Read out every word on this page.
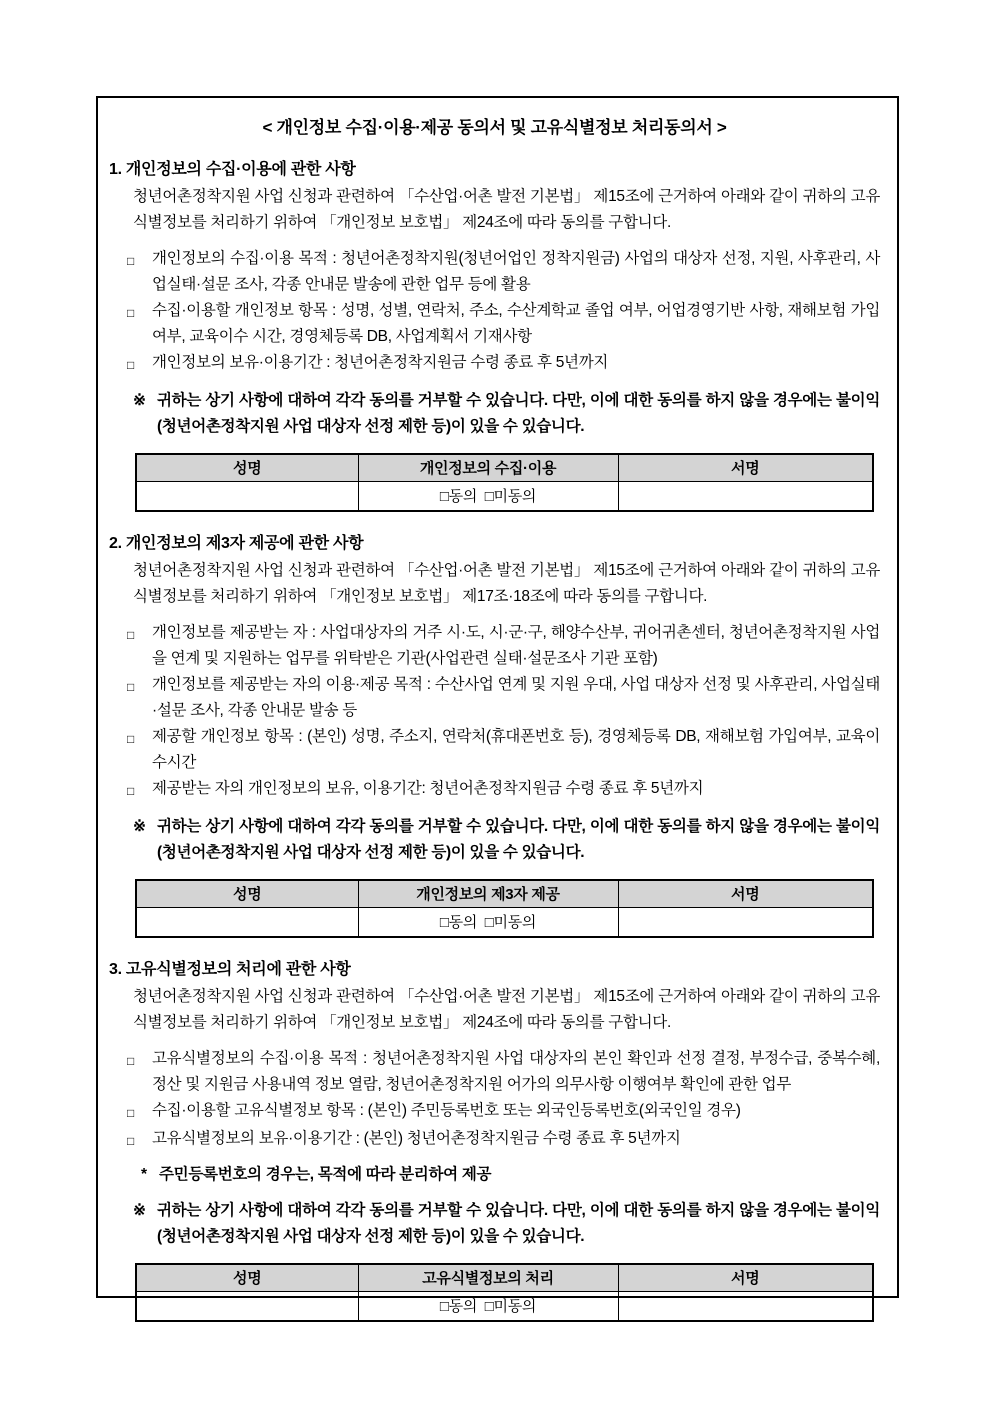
< 개인정보 수집·이용·제공 동의서 및 고유식별정보 처리동의서 >
1. 개인정보의 수집·이용에 관한 사항

청년어촌정착지원 사업 신청과 관련하여 「수산업·어촌 발전 기본법」 제15조에 근거하여 아래와 같이 귀하의 고유식별정보를 처리하기 위하여 「개인정보 보호법」 제24조에 따라 동의를 구합니다.

□	개인정보의 수집·이용 목적 : 청년어촌정착지원(청년어업인 정착지원금) 사업의 대상자 선정, 지원, 사후관리, 사업실태·설문 조사, 각종 안내문 발송에 관한 업무 등에 활용
□	수집·이용할 개인정보 항목 : 성명, 성별, 연락처, 주소, 수산계학교 졸업 여부, 어업경영기반 사항, 재해보험 가입여부, 교육이수 시간, 경영체등록 DB, 사업계획서 기재사항
□	개인정보의 보유·이용기간 : 청년어촌정착지원금 수령 종료 후 5년까지
※ 귀하는 상기 사항에 대하여 각각 동의를 거부할 수 있습니다. 다만, 이에 대한 동의를 하지 않을 경우에는 불이익(청년어촌정착지원 사업 대상자 선정 제한 등)이 있을 수 있습니다.
성명	개인정보의 수집·이용	서명
	□동의  □미동의	
2. 개인정보의 제3자 제공에 관한 사항

청년어촌정착지원 사업 신청과 관련하여 「수산업·어촌 발전 기본법」 제15조에 근거하여 아래와 같이 귀하의 고유식별정보를 처리하기 위하여 「개인정보 보호법」 제17조·18조에 따라 동의를 구합니다.

□	개인정보를 제공받는 자 : 사업대상자의 거주 시·도, 시·군·구, 해양수산부, 귀어귀촌센터, 청년어촌정착지원 사업을 연계 및 지원하는 업무를 위탁받은 기관(사업관련 실태·설문조사 기관 포함)
□	개인정보를 제공받는 자의 이용·제공 목적 : 수산사업 연계 및 지원 우대, 사업 대상자 선정 및 사후관리, 사업실태·설문 조사, 각종 안내문 발송 등
□	제공할 개인정보 항목 : (본인) 성명, 주소지, 연락처(휴대폰번호 등), 경영체등록 DB, 재해보험 가입여부, 교육이수시간
□	제공받는 자의 개인정보의 보유, 이용기간: 청년어촌정착지원금 수령 종료 후 5년까지
※ 귀하는 상기 사항에 대하여 각각 동의를 거부할 수 있습니다. 다만, 이에 대한 동의를 하지 않을 경우에는 불이익(청년어촌정착지원 사업 대상자 선정 제한 등)이 있을 수 있습니다.
성명	개인정보의 제3자 제공	서명
	□동의  □미동의	
3. 고유식별정보의 처리에 관한 사항

청년어촌정착지원 사업 신청과 관련하여 「수산업·어촌 발전 기본법」 제15조에 근거하여 아래와 같이 귀하의 고유식별정보를 처리하기 위하여 「개인정보 보호법」 제24조에 따라 동의를 구합니다.

□	고유식별정보의 수집·이용 목적 : 청년어촌정착지원 사업 대상자의 본인 확인과 선정 결정, 부정수급, 중복수혜, 정산 및 지원금 사용내역 정보 열람, 청년어촌정착지원 어가의 의무사항 이행여부 확인에 관한 업무
□	수집·이용할 고유식별정보 항목 : (본인) 주민등록번호 또는 외국인등록번호(외국인일 경우)
□	고유식별정보의 보유·이용기간 : (본인) 청년어촌정착지원금 수령 종료 후 5년까지
* 주민등록번호의 경우는, 목적에 따라 분리하여 제공
※ 귀하는 상기 사항에 대하여 각각 동의를 거부할 수 있습니다. 다만, 이에 대한 동의를 하지 않을 경우에는 불이익(청년어촌정착지원 사업 대상자 선정 제한 등)이 있을 수 있습니다.
성명	고유식별정보의 처리	서명
	□동의  □미동의	
